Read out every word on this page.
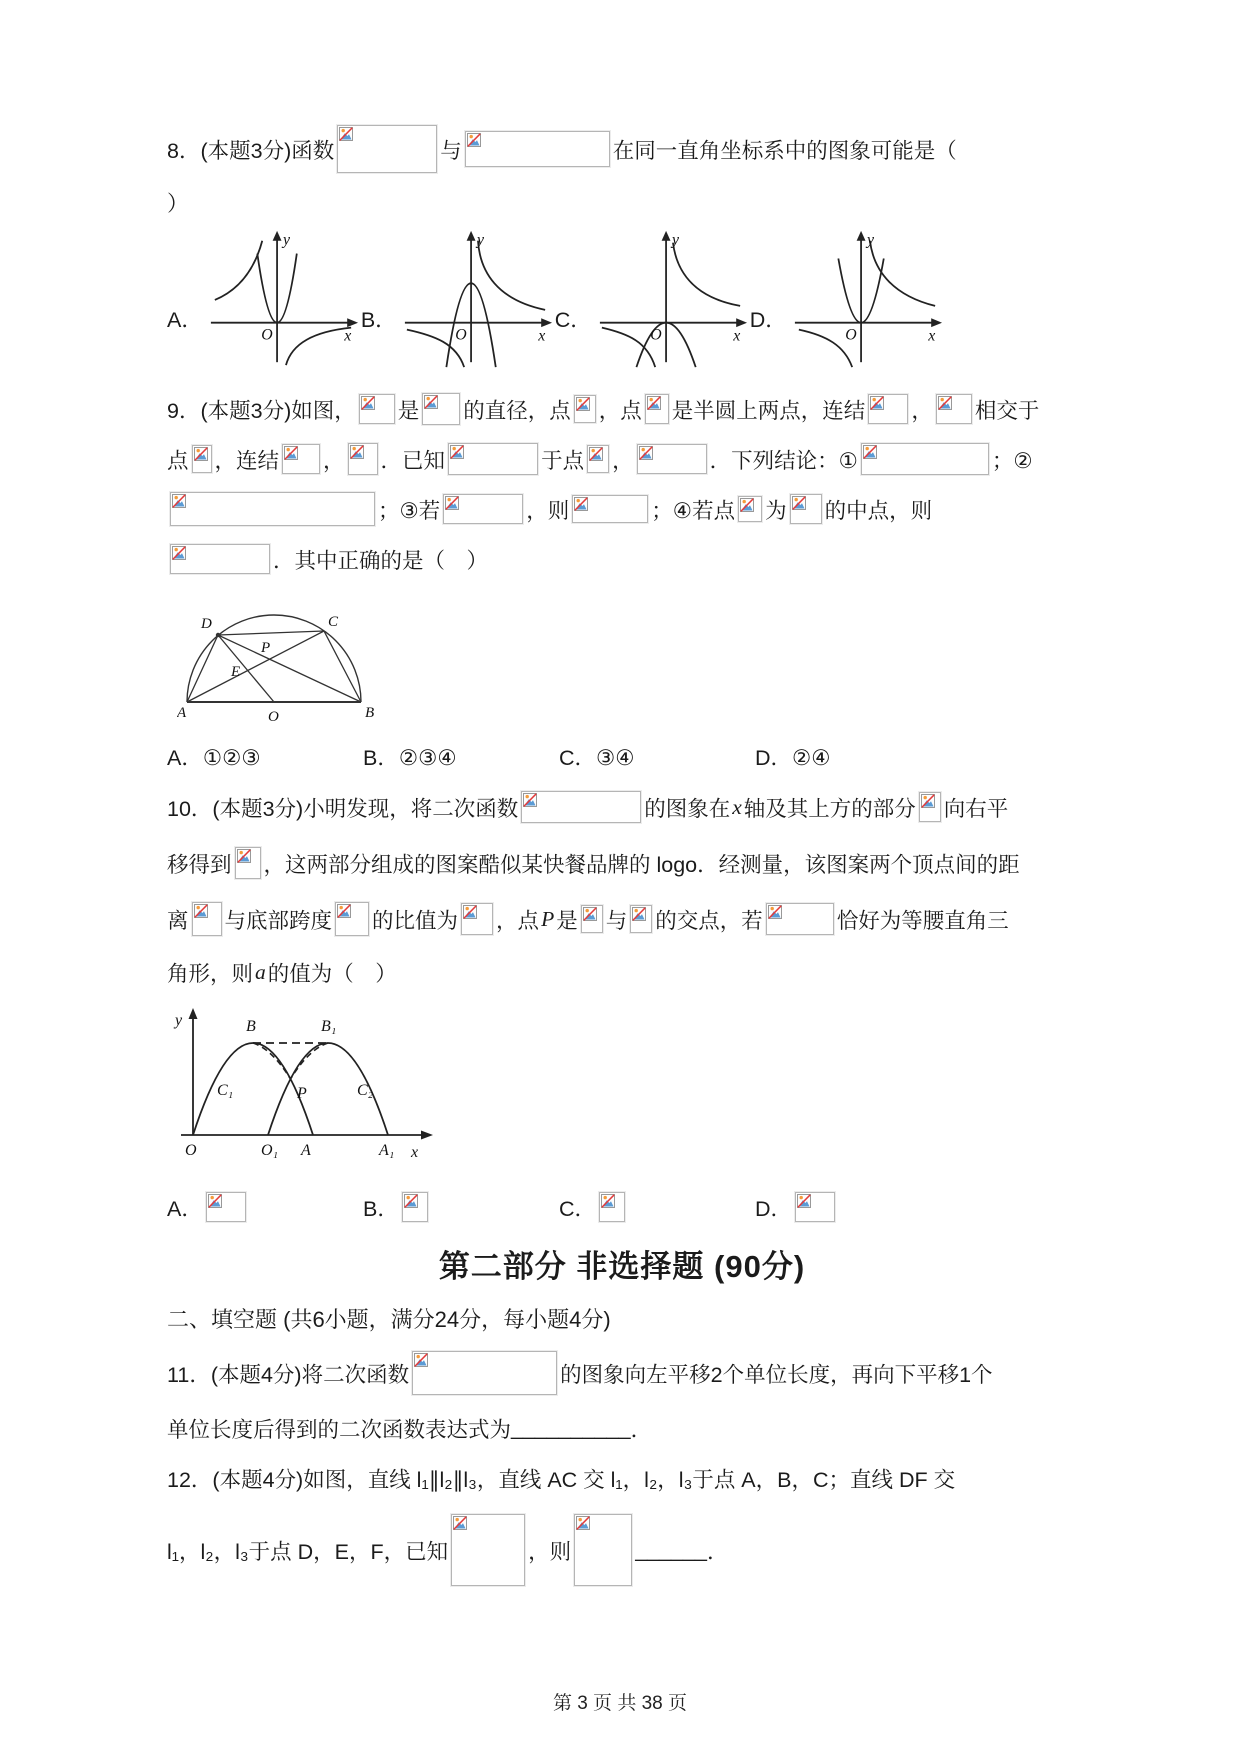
8．(本题3分)函数	与	在同一直角坐标系中的图象可能是（
）
A．
y
x
O
B．
y
x
O
C．
y
x
O
D．
y
x
O
9．(本题3分)如图， 是 的直径，点 ，点 是半圆上两点，连结 ， 相交于
点 ，连结 ， ．已知	于点 ，	．下列结论：①	；②
；③若	，则	；④若点 为 的中点，则
．其中正确的是（　）
D	C
P
E
A	B
O
A．①②③	B．②③④	C．③④	D．②④
10．(本题3分)小明发现，将二次函数	的图象在 x 轴及其上方的部分 向右平
移得到 ，这两部分组成的图案酷似某快餐品牌的 logo．经测量，该图案两个顶点间的距
离 与底部跨度 的比值为 ，点 P 是 与 的交点，若	恰好为等腰直角三
角形，则 a 的值为（　）
y	B	B₁
C₁	C₂
P
O	O₁ A	A₁ x
A．	B．	C．	D．
第二部分 非选择题 (90分)
二、填空题 (共6小题，满分24分，每小题4分)
11．(本题4分)将二次函数	的图象向左平移2个单位长度，再向下平移1个
单位长度后得到的二次函数表达式为 __________ ．
12．(本题4分)如图，直线 l₁∥l₂∥l₃，直线 AC 交 l₁，l₂，l₃于点 A，B，C；直线 DF 交
l₁，l₂，l₃于点 D，E，F，已知	，则	______ ．
第 3 页 共 38 页
